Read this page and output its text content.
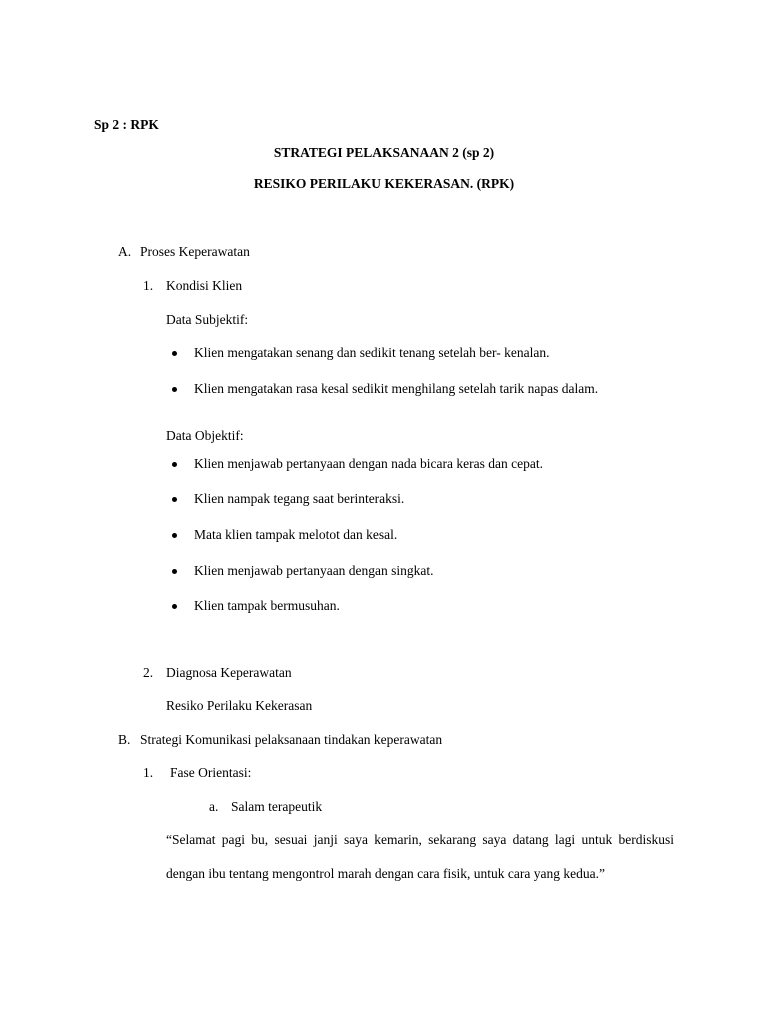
Sp 2 : RPK
STRATEGI PELAKSANAAN 2 (sp 2)
RESIKO PERILAKU KEKERASAN. (RPK)
A. Proses Keperawatan
1. Kondisi Klien
Data Subjektif:
Klien mengatakan senang dan sedikit tenang setelah ber- kenalan.
Klien mengatakan rasa kesal sedikit menghilang setelah tarik napas dalam.
Data Objektif:
Klien menjawab pertanyaan dengan nada bicara keras dan cepat.
Klien nampak tegang saat berinteraksi.
Mata klien tampak melotot dan kesal.
Klien menjawab pertanyaan dengan singkat.
Klien tampak bermusuhan.
2. Diagnosa Keperawatan
Resiko Perilaku Kekerasan
B. Strategi Komunikasi pelaksanaan tindakan keperawatan
1. Fase Orientasi:
a. Salam terapeutik
“Selamat pagi bu, sesuai janji saya kemarin, sekarang saya datang lagi untuk berdiskusi dengan ibu tentang mengontrol marah dengan cara fisik, untuk cara yang kedua.”
